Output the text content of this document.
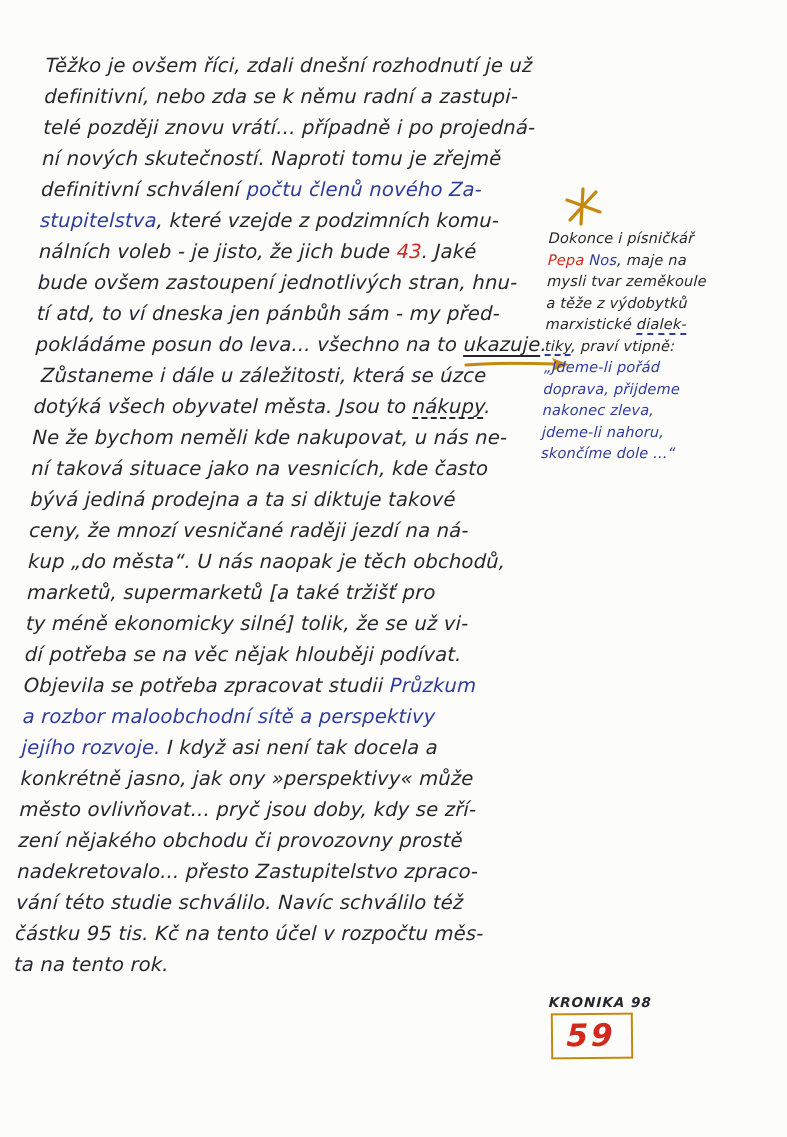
Těžko je ovšem říci, zdali dnešní rozhodnutí je už
definitivní, nebo zda se k němu radní a zastupi-
telé později znovu vrátí... případně i po projedná-
ní nových skutečností. Naproti tomu je zřejmě
definitivní schválení počtu členů nového Za-
stupitelstva, které vzejde z podzimních komu-
nálních voleb - je jisto, že jich bude 43. Jaké
bude ovšem zastoupení jednotlivých stran, hnu-
tí atd, to ví dneska jen pánbůh sám - my před-
pokládáme posun do leva... všechno na to ukazuje.
Zůstaneme i dále u záležitosti, která se úzce
dotýká všech obyvatel města. Jsou to nákupy.
Ne že bychom neměli kde nakupovat, u nás ne-
ní taková situace jako na vesnicích, kde často
bývá jediná prodejna a ta si diktuje takové
ceny, že mnozí vesničané raději jezdí na ná-
kup „do města“. U nás naopak je těch obchodů,
marketů, supermarketů [a také tržišť pro
ty méně ekonomicky silné] tolik, že se už vi-
dí potřeba se na věc nějak hlouběji podívat.
Objevila se potřeba zpracovat studii Průzkum
a rozbor maloobchodní sítě a perspektivy
jejího rozvoje. I když asi není tak docela a
konkrétně jasno, jak ony »perspektivy« může
město ovlivňovat... pryč jsou doby, kdy se zří-
zení nějakého obchodu či provozovny prostě
nadekretovalo... přesto Zastupitelstvo zpraco-
vání této studie schválilo. Navíc schválilo též
částku 95 tis. Kč na tento účel v rozpočtu měs-
ta na tento rok.
Dokonce i písničkář
Pepa Nos, maje na
mysli tvar zeměkoule
a těže z výdobytků
marxistické dialek-
tiky, praví vtipně:
„Jdeme-li pořád
doprava, přijdeme
nakonec zleva,
jdeme-li nahoru,
skončíme dole ...“
KRONIKA 98
59
